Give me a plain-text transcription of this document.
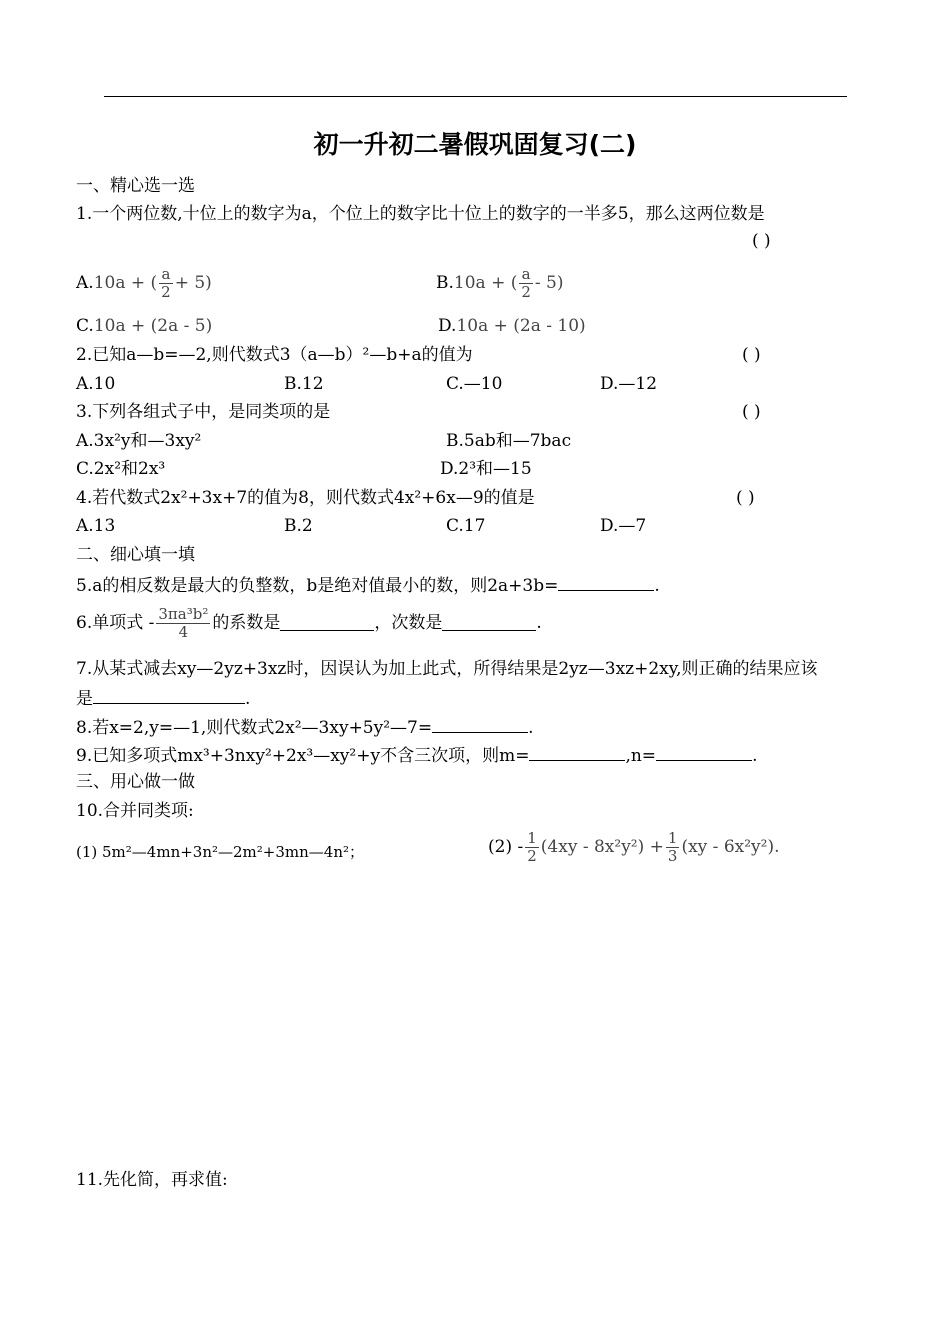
初一升初二暑假巩固复习(二)
一、精心选一选
1.一个两位数,十位上的数字为a，个位上的数字比十位上的数字的一半多5，那么这两位数是
( )
A.10a + ( $\frac{a}{2} + 5$)	B.10a + ( $\frac{a}{2} - 5$)
C.10a + (2a - 5)	D.10a + (2a - 10)
2.已知a—b=—2,则代数式3（a—b）²—b+a的值为	( )
A.10	B.12	C.—10	D.—12
3.下列各组式子中，是同类项的是	( )
A.3x²y和—3xy²	B.5ab和—7bac
C.2x²和2x³	D.2³和—15
4.若代数式2x²+3x+7的值为8，则代数式4x²+6x—9的值是	( )
A.13	B.2	C.17	D.—7
二、细心填一填
5.a的相反数是最大的负整数，b是绝对值最小的数，则2a+3b=	.
6.单项式 - $\frac{\text{3πa³b²}}{4}$ 的系数是	，次数是	.
7.从某式减去xy—2yz+3xz时，因误认为加上此式，所得结果是2yz—3xz+2xy,则正确的结果应该
是	.
8.若x=2,y=—1,则代数式2x²—3xy+5y²—7=	.
9.已知多项式mx³+3nxy²+2x³—xy²+y不含三次项，则m=	,n=	.
三、用心做一做
10.合并同类项:
(1) 5m²—4mn+3n²—2m²+3mn—4n²；	$(2) - \frac{1}{2} (4xy - 8x^2y^2) + \frac{1}{3} (xy - 6x^2y^2)$.
11.先化简，再求值:
